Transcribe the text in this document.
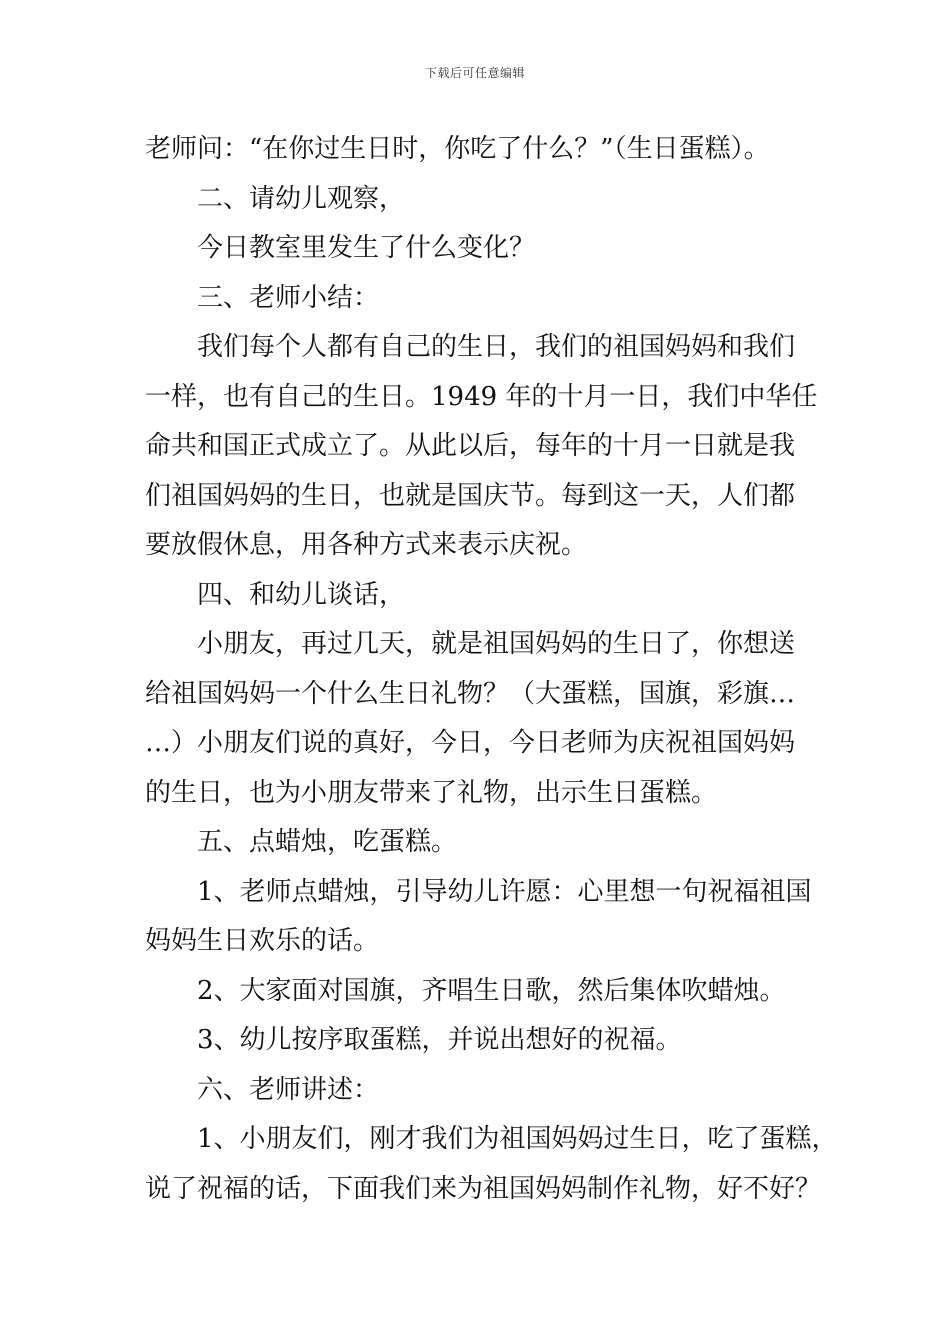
下载后可任意编辑

老师问：“在你过生日时，你吃了什么？”（生日蛋糕）。

二、请幼儿观察，

今日教室里发生了什么变化？

三、老师小结：

我们每个人都有自己的生日，我们的祖国妈妈和我们

一样，也有自己的生日。1949 年的十月一日，我们中华任

命共和国正式成立了。从此以后，每年的十月一日就是我

们祖国妈妈的生日，也就是国庆节。每到这一天，人们都

要放假休息，用各种方式来表示庆祝。

四、和幼儿谈话，

小朋友，再过几天，就是祖国妈妈的生日了，你想送

给祖国妈妈一个什么生日礼物？（大蛋糕，国旗，彩旗…

…）小朋友们说的真好，今日，今日老师为庆祝祖国妈妈

的生日，也为小朋友带来了礼物，出示生日蛋糕。

五、点蜡烛，吃蛋糕。

1、老师点蜡烛，引导幼儿许愿：心里想一句祝福祖国

妈妈生日欢乐的话。

2、大家面对国旗，齐唱生日歌，然后集体吹蜡烛。

3、幼儿按序取蛋糕，并说出想好的祝福。

六、老师讲述：

1、小朋友们，刚才我们为祖国妈妈过生日，吃了蛋糕，

说了祝福的话，下面我们来为祖国妈妈制作礼物，好不好？
